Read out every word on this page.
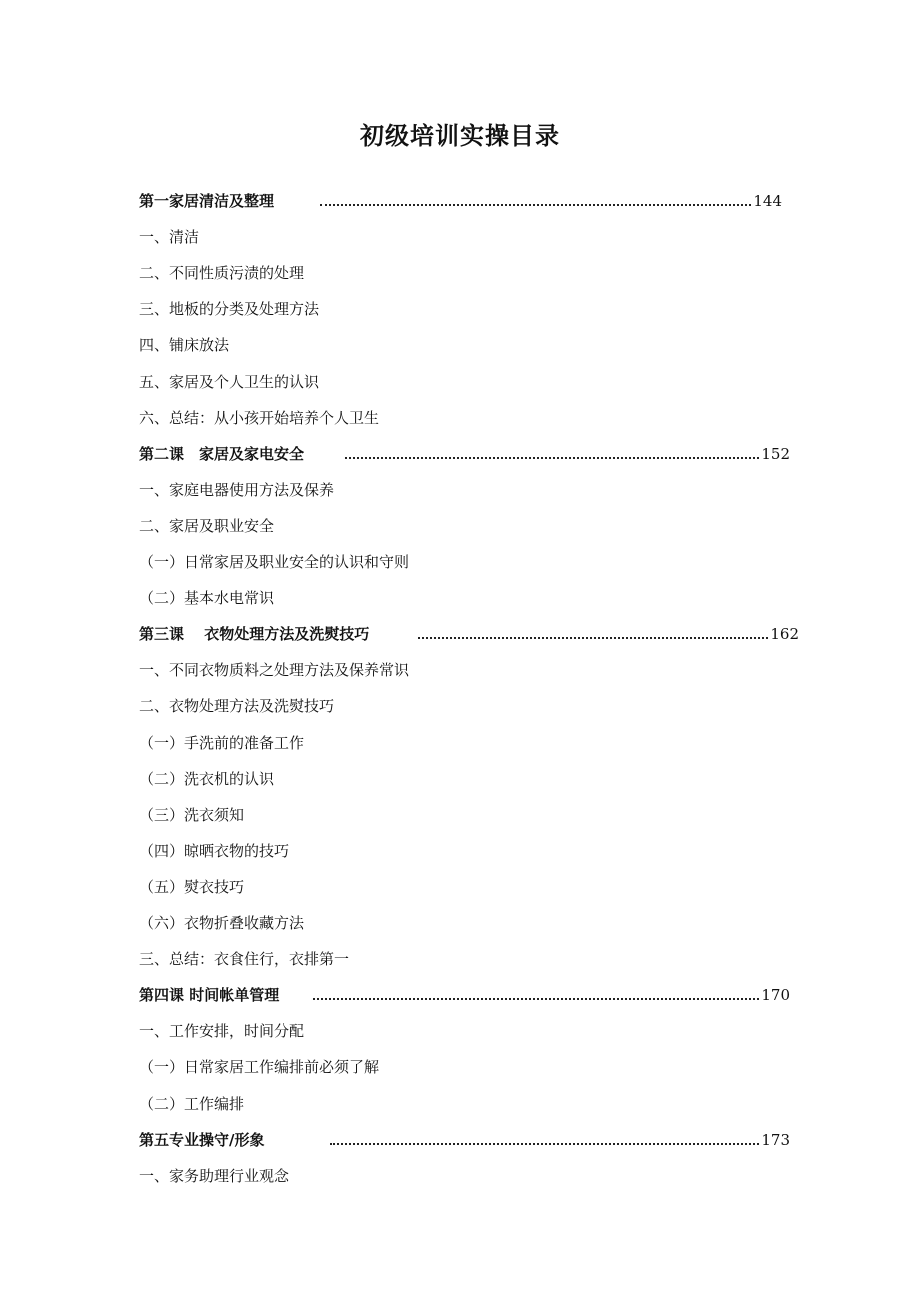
初级培训实操目录
第一家居清洁及整理	144
一、清洁
二、不同性质污渍的处理
三、地板的分类及处理方法
四、铺床放法
五、家居及个人卫生的认识
六、总结：从小孩开始培养个人卫生
第二课　家居及家电安全	152
一、家庭电器使用方法及保养
二、家居及职业安全
（一）日常家居及职业安全的认识和守则
（二）基本水电常识
第三课　 衣物处理方法及洗熨技巧	162
一、不同衣物质料之处理方法及保养常识
二、衣物处理方法及洗熨技巧
（一）手洗前的准备工作
（二）洗衣机的认识
（三）洗衣须知
（四）晾晒衣物的技巧
（五）熨衣技巧
（六）衣物折叠收藏方法
三、总结：衣食住行，衣排第一
第四课 时间帐单管理	170
一、工作安排，时间分配
（一）日常家居工作编排前必须了解
（二）工作编排
第五专业操守/形象	173
一、家务助理行业观念
